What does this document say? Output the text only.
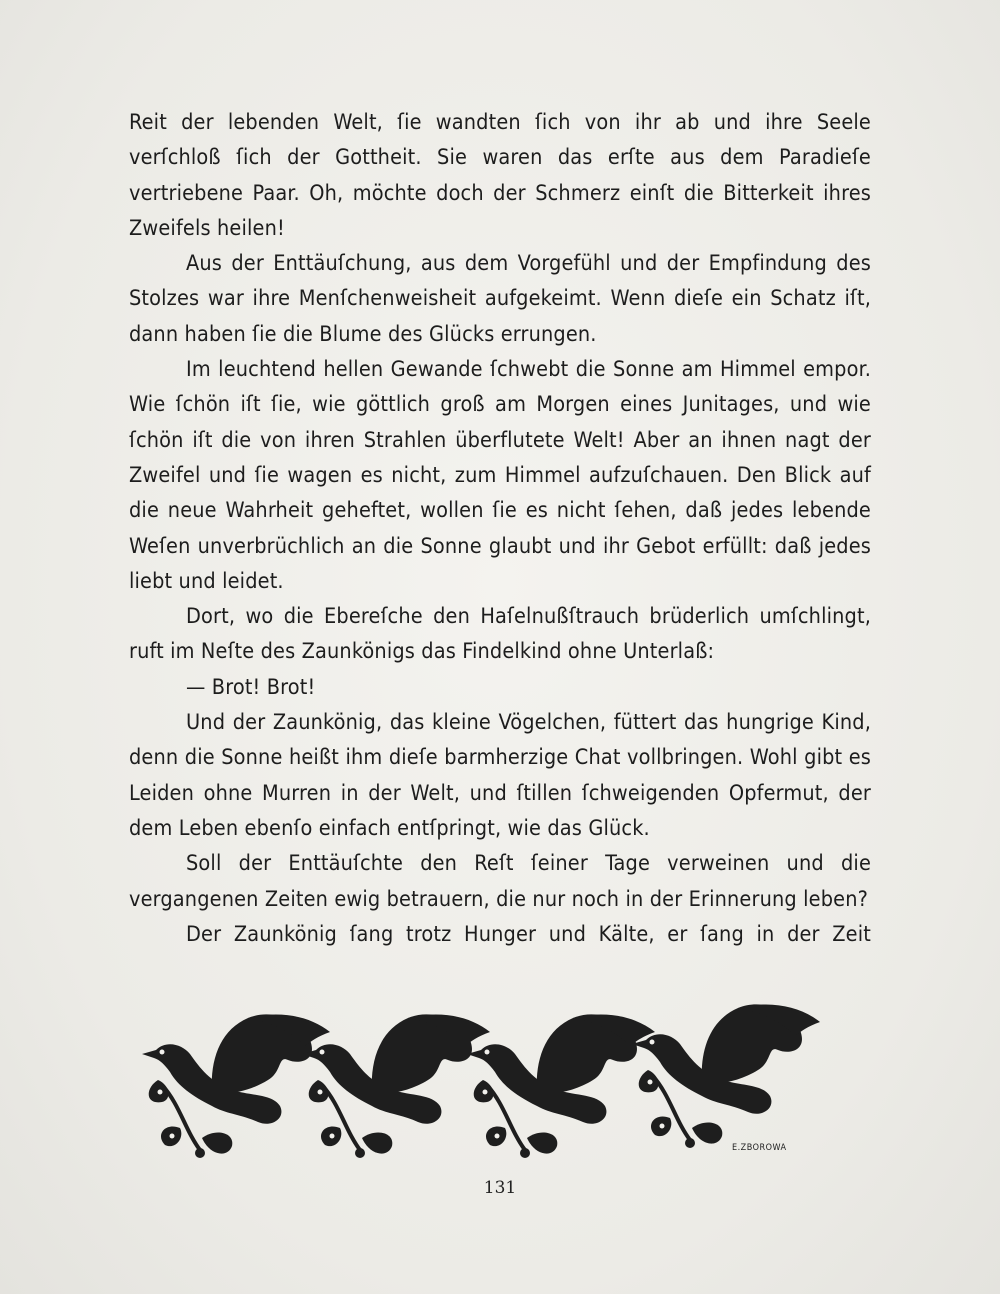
Reit der lebenden Welt, ſie wandten ſich von ihr ab und ihre Seele verſchloß ſich der Gottheit. Sie waren das erſte aus dem Paradieſe vertriebene Paar. Oh, möchte doch der Schmerz einſt die Bitterkeit ihres Zweifels heilen!

Aus der Enttäuſchung, aus dem Vorgefühl und der Empfindung des Stolzes war ihre Menſchenweisheit aufgekeimt. Wenn dieſe ein Schatz iſt, dann haben ſie die Blume des Glücks errungen.

Im leuchtend hellen Gewande ſchwebt die Sonne am Himmel empor. Wie ſchön iſt ſie, wie göttlich groß am Morgen eines Junitages, und wie ſchön iſt die von ihren Strahlen überflutete Welt! Aber an ihnen nagt der Zweifel und ſie wagen es nicht, zum Himmel aufzuſchauen. Den Blick auf die neue Wahrheit geheftet, wollen ſie es nicht ſehen, daß jedes lebende Weſen unverbrüchlich an die Sonne glaubt und ihr Gebot erfüllt: daß jedes liebt und leidet.

Dort, wo die Ebereſche den Haſelnußſtrauch brüderlich umſchlingt, ruft im Neſte des Zaunkönigs das Findelkind ohne Unterlaß:

— Brot! Brot!

Und der Zaunkönig, das kleine Vögelchen, füttert das hungrige Kind, denn die Sonne heißt ihm dieſe barmherzige Chat vollbringen. Wohl gibt es Leiden ohne Murren in der Welt, und ſtillen ſchweigenden Opfermut, der dem Leben ebenſo einfach entſpringt, wie das Glück.

Soll der Enttäuſchte den Reſt ſeiner Tage verweinen und die vergangenen Zeiten ewig betrauern, die nur noch in der Erinnerung leben?

Der Zaunkönig ſang trotz Hunger und Kälte, er ſang in der Zeit

E.ZBOROWA
131
